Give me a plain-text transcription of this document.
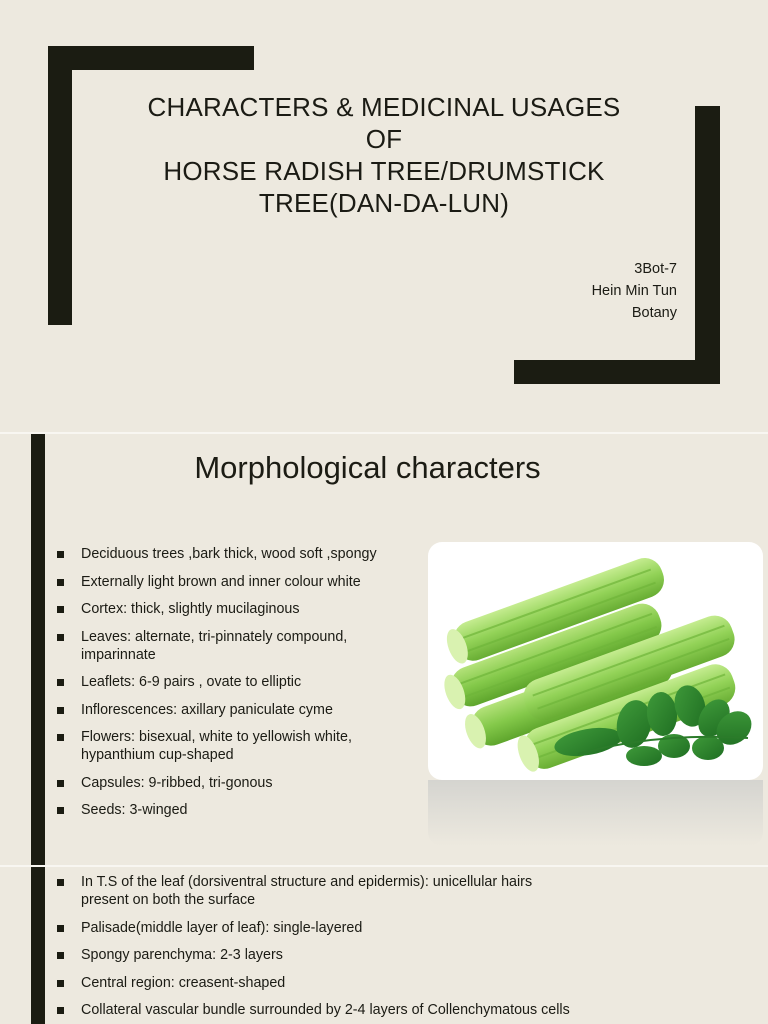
CHARACTERS & MEDICINAL USAGES
OF
HORSE RADISH TREE/DRUMSTICK
TREE(DAN-DA-LUN)
3Bot-7
Hein Min Tun
Botany
Morphological characters
Deciduous trees ,bark thick, wood soft ,spongy
Externally light brown and inner colour white
Cortex: thick, slightly mucilaginous
Leaves: alternate, tri-pinnately compound, imparinnate
Leaflets: 6-9 pairs , ovate to elliptic
Inflorescences: axillary paniculate cyme
Flowers: bisexual, white to yellowish white, hypanthium cup-shaped
Capsules: 9-ribbed, tri-gonous
Seeds: 3-winged
In T.S of the leaf (dorsiventral structure and epidermis): unicellular hairs present on both the surface
Palisade(middle layer of leaf): single-layered
Spongy parenchyma: 2-3 layers
Central region: creasent-shaped
Collateral vascular bundle surrounded by 2-4 layers of Collenchymatous cells
